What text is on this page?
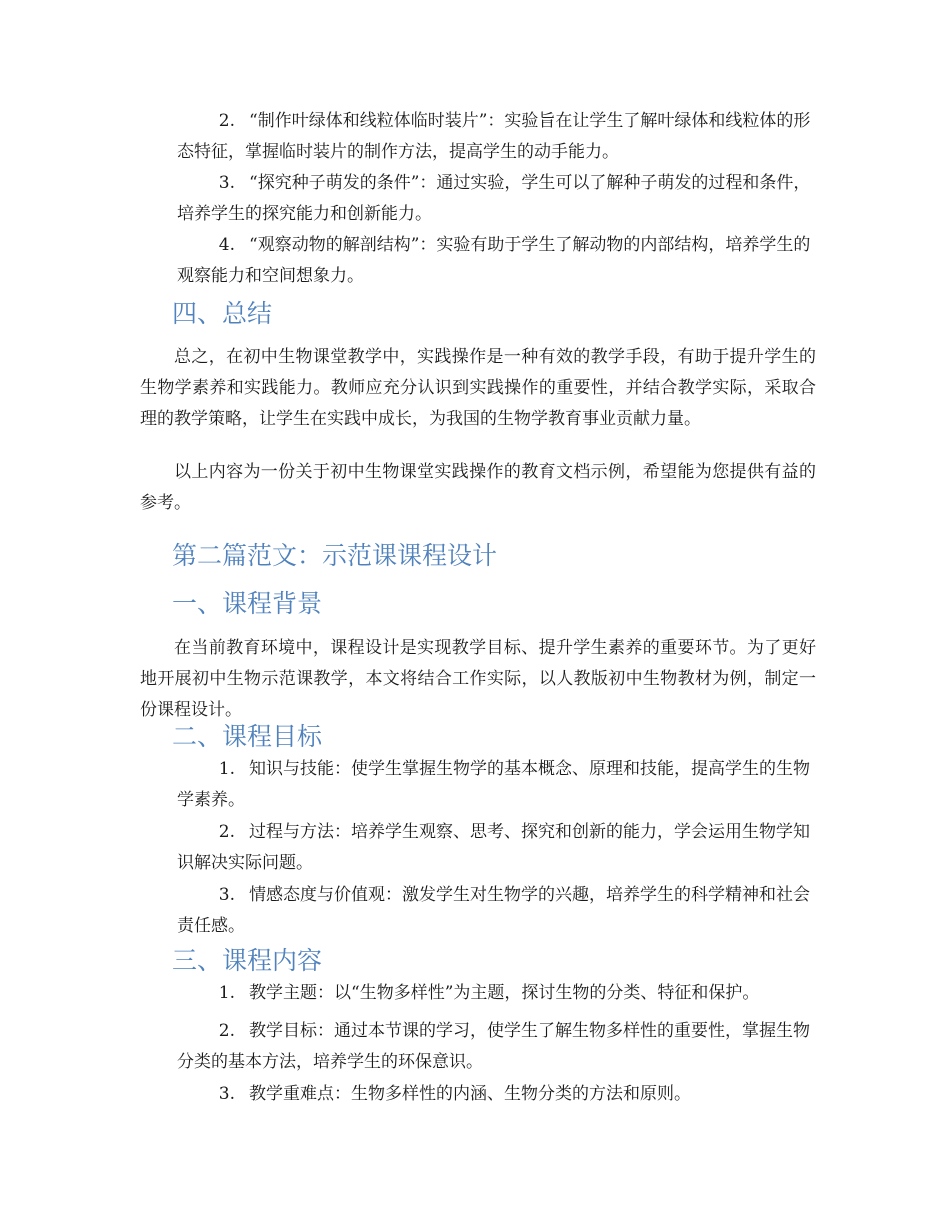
2. “制作叶绿体和线粒体临时装片”：实验旨在让学生了解叶绿体和线粒体的形态特征，掌握临时装片的制作方法，提高学生的动手能力。

3. “探究种子萌发的条件”：通过实验，学生可以了解种子萌发的过程和条件，培养学生的探究能力和创新能力。

4. “观察动物的解剖结构”：实验有助于学生了解动物的内部结构，培养学生的观察能力和空间想象力。

四、总结

总之，在初中生物课堂教学中，实践操作是一种有效的教学手段，有助于提升学生的生物学素养和实践能力。教师应充分认识到实践操作的重要性，并结合教学实际，采取合理的教学策略，让学生在实践中成长，为我国的生物学教育事业贡献力量。

以上内容为一份关于初中生物课堂实践操作的教育文档示例，希望能为您提供有益的参考。

第二篇范文：示范课课程设计
一、课程背景

在当前教育环境中，课程设计是实现教学目标、提升学生素养的重要环节。为了更好地开展初中生物示范课教学，本文将结合工作实际，以人教版初中生物教材为例，制定一份课程设计。

二、课程目标

1. 知识与技能：使学生掌握生物学的基本概念、原理和技能，提高学生的生物学素养。

2. 过程与方法：培养学生观察、思考、探究和创新的能力，学会运用生物学知识解决实际问题。

3. 情感态度与价值观：激发学生对生物学的兴趣，培养学生的科学精神和社会责任感。

三、课程内容

1. 教学主题：以“生物多样性”为主题，探讨生物的分类、特征和保护。

2. 教学目标：通过本节课的学习，使学生了解生物多样性的重要性，掌握生物分类的基本方法，培养学生的环保意识。

3. 教学重难点：生物多样性的内涵、生物分类的方法和原则。
